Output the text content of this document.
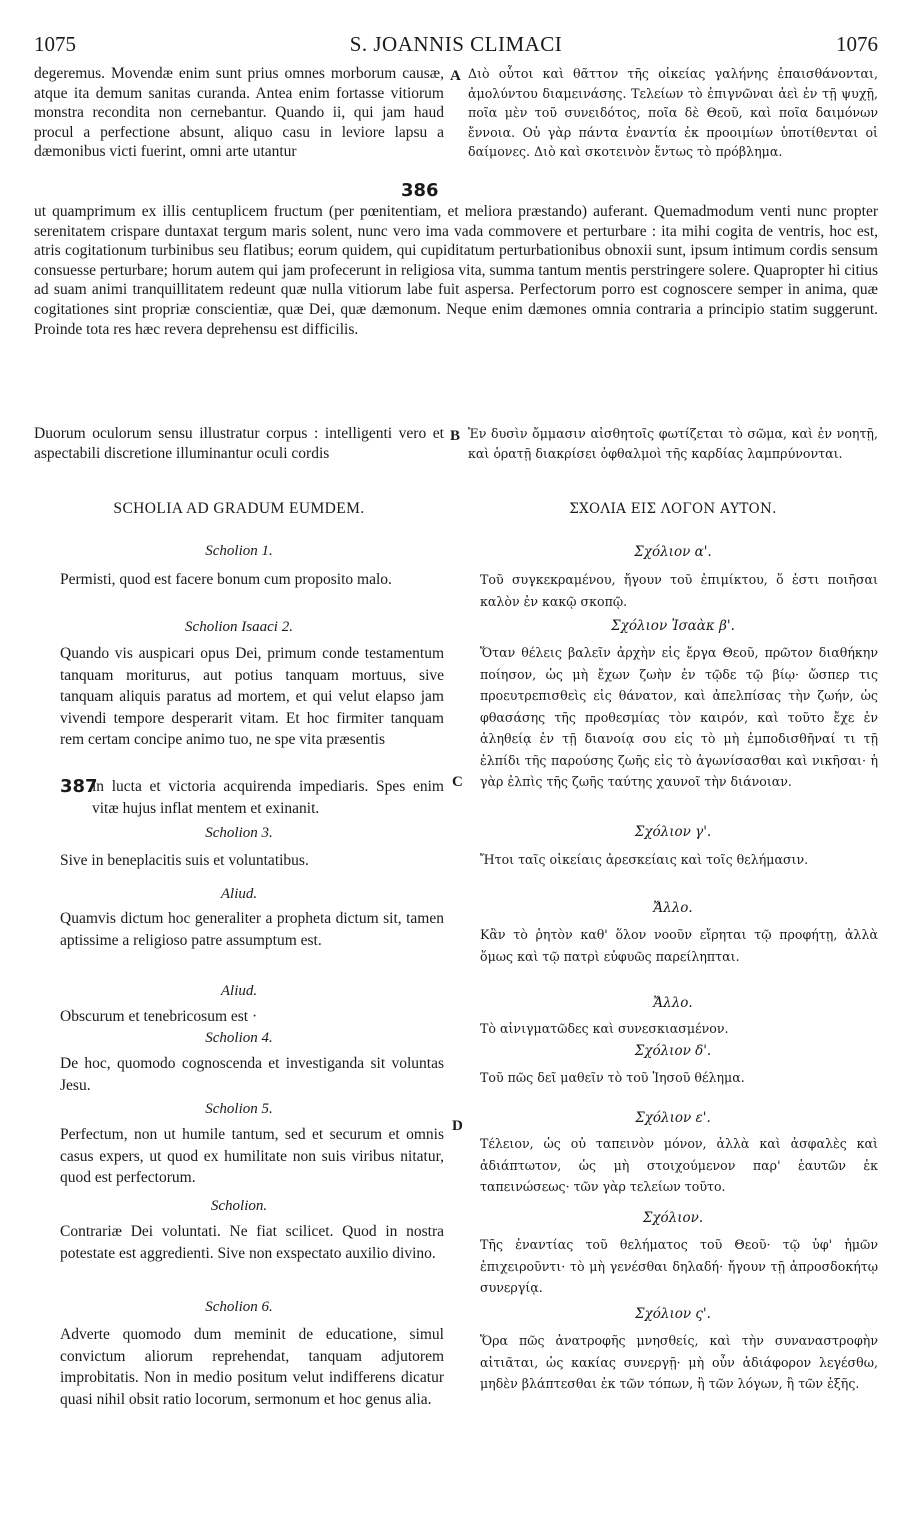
1075	S. JOANNIS CLIMACI	1076
degeremus. Movendæ enim sunt prius omnes morborum causæ, atque ita demum sanitas curanda. Antea enim fortasse vitiorum monstra recondita non cernebantur. Quando ii, qui jam haud procul a perfectione absunt, aliquo casu in leviore lapsu a dæmonibus victi fuerint, omni arte utantur
386
A Διὸ οὗτοι καὶ θᾶττον τῆς οἰκείας γαλήνης ἐπαισθάνονται, ἀμολύντου διαμεινάσης. Τελείων τὸ ἐπιγνῶναι ἀεὶ ἐν τῇ ψυχῇ, ποῖα μὲν τοῦ συνειδότος, ποῖα δὲ Θεοῦ, καὶ ποῖα δαιμόνων ἔννοια. Οὐ γὰρ πάντα ἐναντία ἐκ προοιμίων ὑποτίθενται οἱ δαίμονες. Διὸ καὶ σκοτεινὸν ἔντως τὸ πρόβλημα.
ut quamprimum ex illis centuplicem fructum (per pœnitentiam, et meliora præstando) auferant. Quemadmodum venti nunc propter serenitatem crispare duntaxat tergum maris solent, nunc vero ima vada commovere et perturbare : ita mihi cogita de ventris, hoc est, atris cogitationum turbinibus seu flatibus; eorum quidem, qui cupiditatum perturbationibus obnoxii sunt, ipsum intimum cordis sensum consuesse perturbare; horum autem qui jam profecerunt in religiosa vita, summa tantum mentis perstringere solere. Quapropter hi citius ad suam animi tranquillitatem redeunt quæ nulla vitiorum labe fuit aspersa. Perfectorum porro est cognoscere semper in anima, quæ cogitationes sint propriæ conscientiæ, quæ Dei, quæ dæmonum. Neque enim dæmones omnia contraria a principio statim suggerunt. Proinde tota res hæc revera deprehensu est difficilis.
Duorum oculorum sensu illustratur corpus : intelligenti vero et aspectabili discretione illuminantur oculi cordis
B Ἐν δυσὶν ὄμμασιν αἰσθητοῖς φωτίζεται τὸ σῶμα, καὶ ἐν νοητῇ, καὶ ὁρατῇ διακρίσει ὀφθαλμοὶ τῆς καρδίας λαμπρύνονται.
SCHOLIA AD GRADUM EUMDEM.	ΣΧΟΛΙΑ ΕΙΣ ΛΟΓΟΝ ΑΥΤΟΝ.
Scholion 1.
Permisti, quod est facere bonum cum proposito malo.
Scholion Isaaci 2.
Quando vis auspicari opus Dei, primum conde testamentum tanquam moriturus, aut potius tanquam mortuus, sive tanquam aliquis paratus ad mortem, et qui velut elapso jam vivendi tempore desperarit vitam. Et hoc firmiter tanquam rem certam concipe animo tuo, ne spe vita præsentis
387
in lucta et victoria acquirenda impediaris. Spes enim vitæ hujus inflat mentem et exinanit.
C
Scholion 3.
Sive in beneplacitis suis et voluntatibus.
Aliud.
Quamvis dictum hoc generaliter a propheta dictum sit, tamen aptissime a religioso patre assumptum est.
Aliud.
Obscurum et tenebricosum est ·
Scholion 4.
De hoc, quomodo cognoscenda et investiganda sit voluntas Jesu.
Scholion 5.
Perfectum, non ut humile tantum, sed et securum et omnis casus expers, ut quod ex humilitate non suis viribus nitatur, quod est perfectorum.
D
Scholion.
Contrariæ Dei voluntati. Ne fiat scilicet. Quod in nostra potestate est aggredienti. Sive non exspectato auxilio divino.
Scholion 6.
Adverte quomodo dum meminit de educatione, simul convictum aliorum reprehendat, tanquam adjutorem improbitatis. Non in medio positum velut indifferens dicatur quasi nihil obsit ratio locorum, sermonum et hoc genus alia.
Σχόλιον α'.
Τοῦ συγκεκραμένου, ἤγουν τοῦ ἐπιμίκτου, ὅ ἐστι ποιῆσαι καλὸν ἐν κακῷ σκοπῷ.
Σχόλιον Ἰσαὰκ β'.
Ὅταν θέλεις βαλεῖν ἀρχὴν εἰς ἔργα Θεοῦ, πρῶτον διαθήκην ποίησον, ὡς μὴ ἔχων ζωὴν ἐν τῷδε τῷ βίῳ· ὥσπερ τις προευτρεπισθεὶς εἰς θάνατον, καὶ ἀπελπίσας τὴν ζωήν, ὡς φθασάσης τῆς προθεσμίας τὸν καιρόν, καὶ τοῦτο ἔχε ἐν ἀληθείᾳ ἐν τῇ διανοίᾳ σου εἰς τὸ μὴ ἐμποδισθῆναί τι τῇ ἐλπίδι τῆς παρούσης ζωῆς εἰς τὸ ἀγωνίσασθαι καὶ νικῆσαι· ἡ γὰρ ἐλπὶς τῆς ζωῆς ταύτης χαυνοῖ τὴν διάνοιαν.
Σχόλιον γ'.
Ἤτοι ταῖς οἰκείαις ἀρεσκείαις καὶ τοῖς θελήμασιν.
Ἄλλο.
Κἂν τὸ ῥητὸν καθ' ὅλον νοοῦν εἴρηται τῷ προφήτῃ, ἀλλὰ ὅμως καὶ τῷ πατρὶ εὐφυῶς παρείληπται.
Ἄλλο.
Τὸ αἰνιγματῶδες καὶ συνεσκιασμένον.
Σχόλιον δ'.
Τοῦ πῶς δεῖ μαθεῖν τὸ τοῦ Ἰησοῦ θέλημα.
Σχόλιον ε'.
Τέλειον, ὡς οὐ ταπεινὸν μόνον, ἀλλὰ καὶ ἀσφαλὲς καὶ ἀδιάπτωτον, ὡς μὴ στοιχούμενον παρ' ἑαυτῶν ἐκ ταπεινώσεως· τῶν γὰρ τελείων τοῦτο.
Σχόλιον.
Τῆς ἐναντίας τοῦ θελήματος τοῦ Θεοῦ· τῷ ὑφ' ἡμῶν ἐπιχειροῦντι· τὸ μὴ γενέσθαι δηλαδή· ἤγουν τῇ ἀπροσδοκήτῳ συνεργίᾳ.
Σχόλιον ς'.
Ὅρα πῶς ἀνατροφῆς μνησθείς, καὶ τὴν συναναστροφὴν αἰτιᾶται, ὡς κακίας συνεργῇ· μὴ οὖν ἀδιάφορον λεγέσθω, μηδὲν βλάπτεσθαι ἐκ τῶν τόπων, ἢ τῶν λόγων, ἢ τῶν ἑξῆς.
